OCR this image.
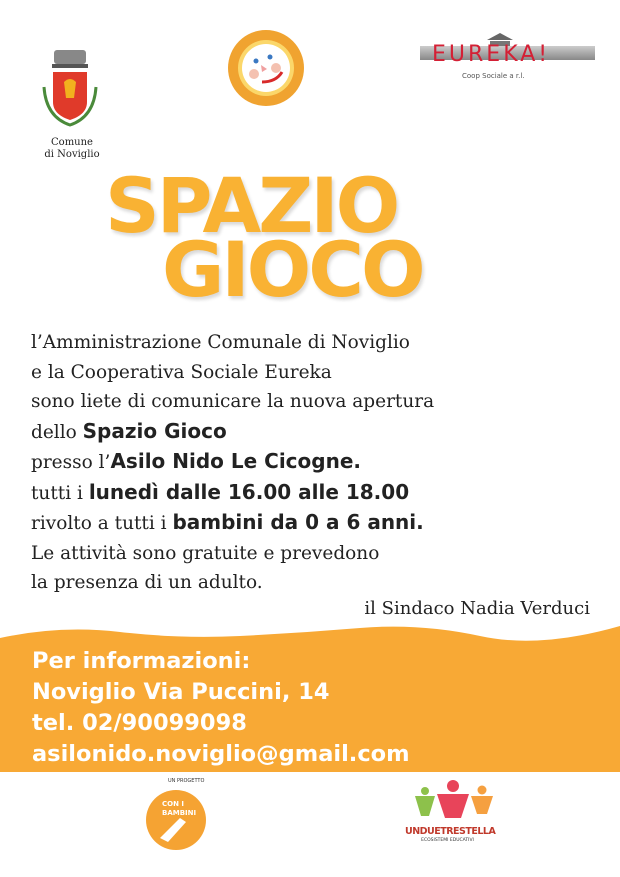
Comune
di Noviglio
EUREKA!
Coop Sociale a r.l.
SPAZIO
GIOCO
l’Amministrazione Comunale di Noviglio
e la Cooperativa Sociale Eureka
sono liete di comunicare la nuova apertura
dello Spazio Gioco
presso l’Asilo Nido Le Cicogne.
tutti i lunedì dalle 16.00 alle 18.00
rivolto a tutti i bambini da 0 a 6 anni.
Le attività sono gratuite e prevedono
la presenza di un adulto.
il Sindaco Nadia Verduci
Per informazioni:
Noviglio Via Puccini, 14
tel. 02/90099098
asilonido.noviglio@gmail.com
UN PROGETTO
CON I BAMBINI
UNDUETRESTELLA
ECOSISTEMI EDUCATIVI
